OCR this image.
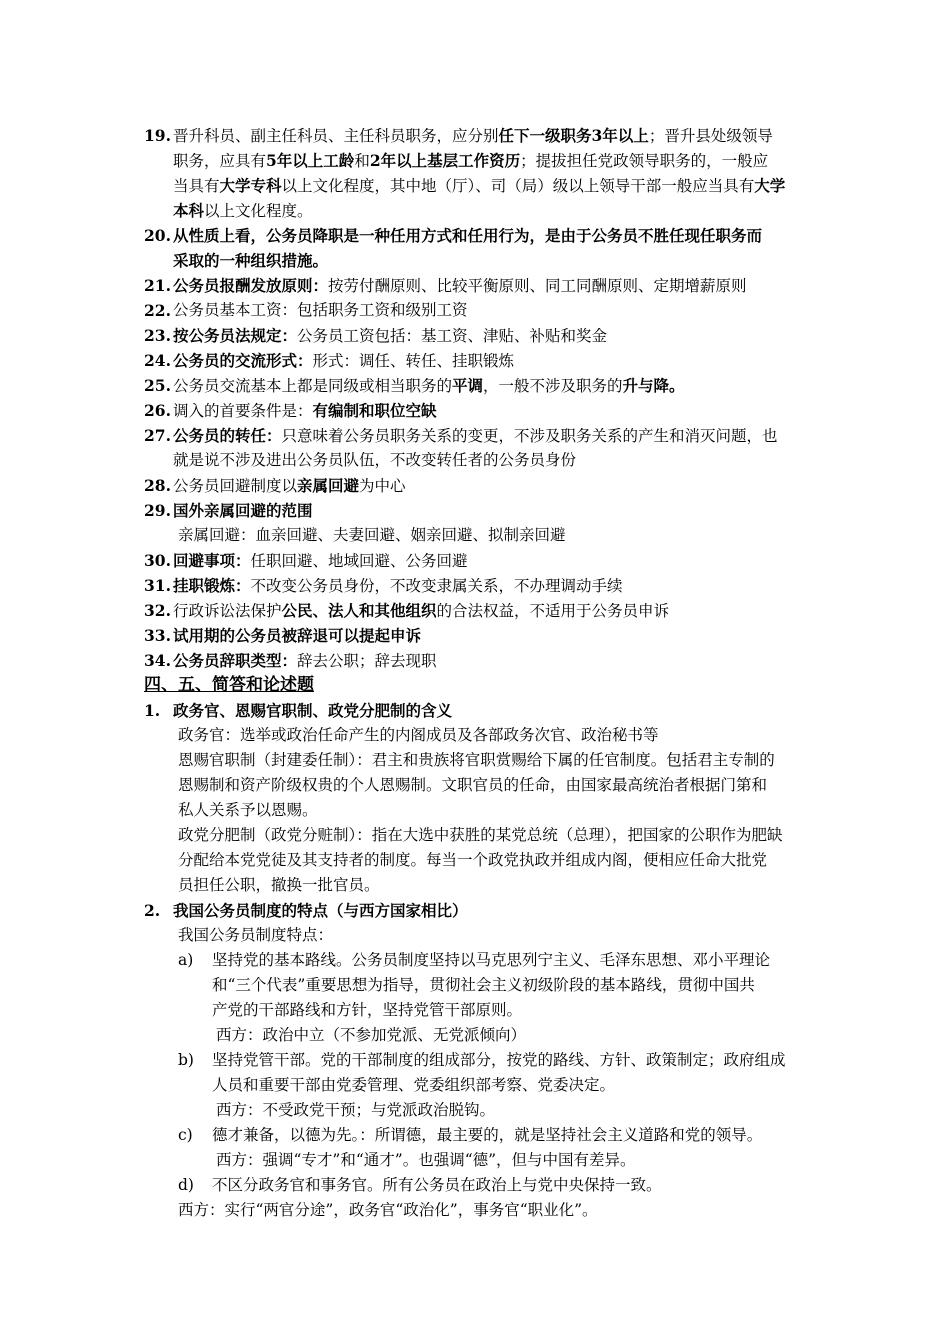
19. 晋升科员、副主任科员、主任科员职务，应分别任下一级职务3年以上；晋升县处级领导
职务，应具有5年以上工龄和2年以上基层工作资历；提拔担任党政领导职务的，一般应
当具有大学专科以上文化程度，其中地（厅）、司（局）级以上领导干部一般应当具有大学
本科以上文化程度。
20. 从性质上看，公务员降职是一种任用方式和任用行为，是由于公务员不胜任现任职务而
采取的一种组织措施。
21. 公务员报酬发放原则：按劳付酬原则、比较平衡原则、同工同酬原则、定期增薪原则
22. 公务员基本工资：包括职务工资和级别工资
23. 按公务员法规定：公务员工资包括：基工资、津贴、补贴和奖金
24. 公务员的交流形式：形式：调任、转任、挂职锻炼
25. 公务员交流基本上都是同级或相当职务的平调，一般不涉及职务的升与降。
26. 调入的首要条件是：有编制和职位空缺
27. 公务员的转任：只意味着公务员职务关系的变更，不涉及职务关系的产生和消灭问题，也
就是说不涉及进出公务员队伍，不改变转任者的公务员身份
28. 公务员回避制度以亲属回避为中心
29. 国外亲属回避的范围
亲属回避：血亲回避、夫妻回避、姻亲回避、拟制亲回避
30. 回避事项：任职回避、地域回避、公务回避
31. 挂职锻炼：不改变公务员身份，不改变隶属关系，不办理调动手续
32. 行政诉讼法保护公民、法人和其他组织的合法权益，不适用于公务员申诉
33. 试用期的公务员被辞退可以提起申诉
34. 公务员辞职类型：辞去公职；辞去现职
四、五、简答和论述题
1. 政务官、恩赐官职制、政党分肥制的含义
政务官：选举或政治任命产生的内阁成员及各部政务次官、政治秘书等
恩赐官职制（封建委任制）：君主和贵族将官职赏赐给下属的任官制度。包括君主专制的
恩赐制和资产阶级权贵的个人恩赐制。文职官员的任命，由国家最高统治者根据门第和
私人关系予以恩赐。
政党分肥制（政党分赃制）：指在大选中获胜的某党总统（总理），把国家的公职作为肥缺
分配给本党党徒及其支持者的制度。每当一个政党执政并组成内阁，便相应任命大批党
员担任公职，撤换一批官员。
2. 我国公务员制度的特点（与西方国家相比）
我国公务员制度特点：
a) 坚持党的基本路线。公务员制度坚持以马克思列宁主义、毛泽东思想、邓小平理论
和“三个代表”重要思想为指导，贯彻社会主义初级阶段的基本路线，贯彻中国共
产党的干部路线和方针，坚持党管干部原则。
西方：政治中立（不参加党派、无党派倾向）
b) 坚持党管干部。党的干部制度的组成部分，按党的路线、方针、政策制定；政府组成
人员和重要干部由党委管理、党委组织部考察、党委决定。
西方：不受政党干预；与党派政治脱钩。
c) 德才兼备，以德为先。：所谓德，最主要的，就是坚持社会主义道路和党的领导。
西方：强调“专才”和“通才”。也强调“德”，但与中国有差异。
d) 不区分政务官和事务官。所有公务员在政治上与党中央保持一致。
西方：实行“两官分途”，政务官“政治化”，事务官“职业化”。
